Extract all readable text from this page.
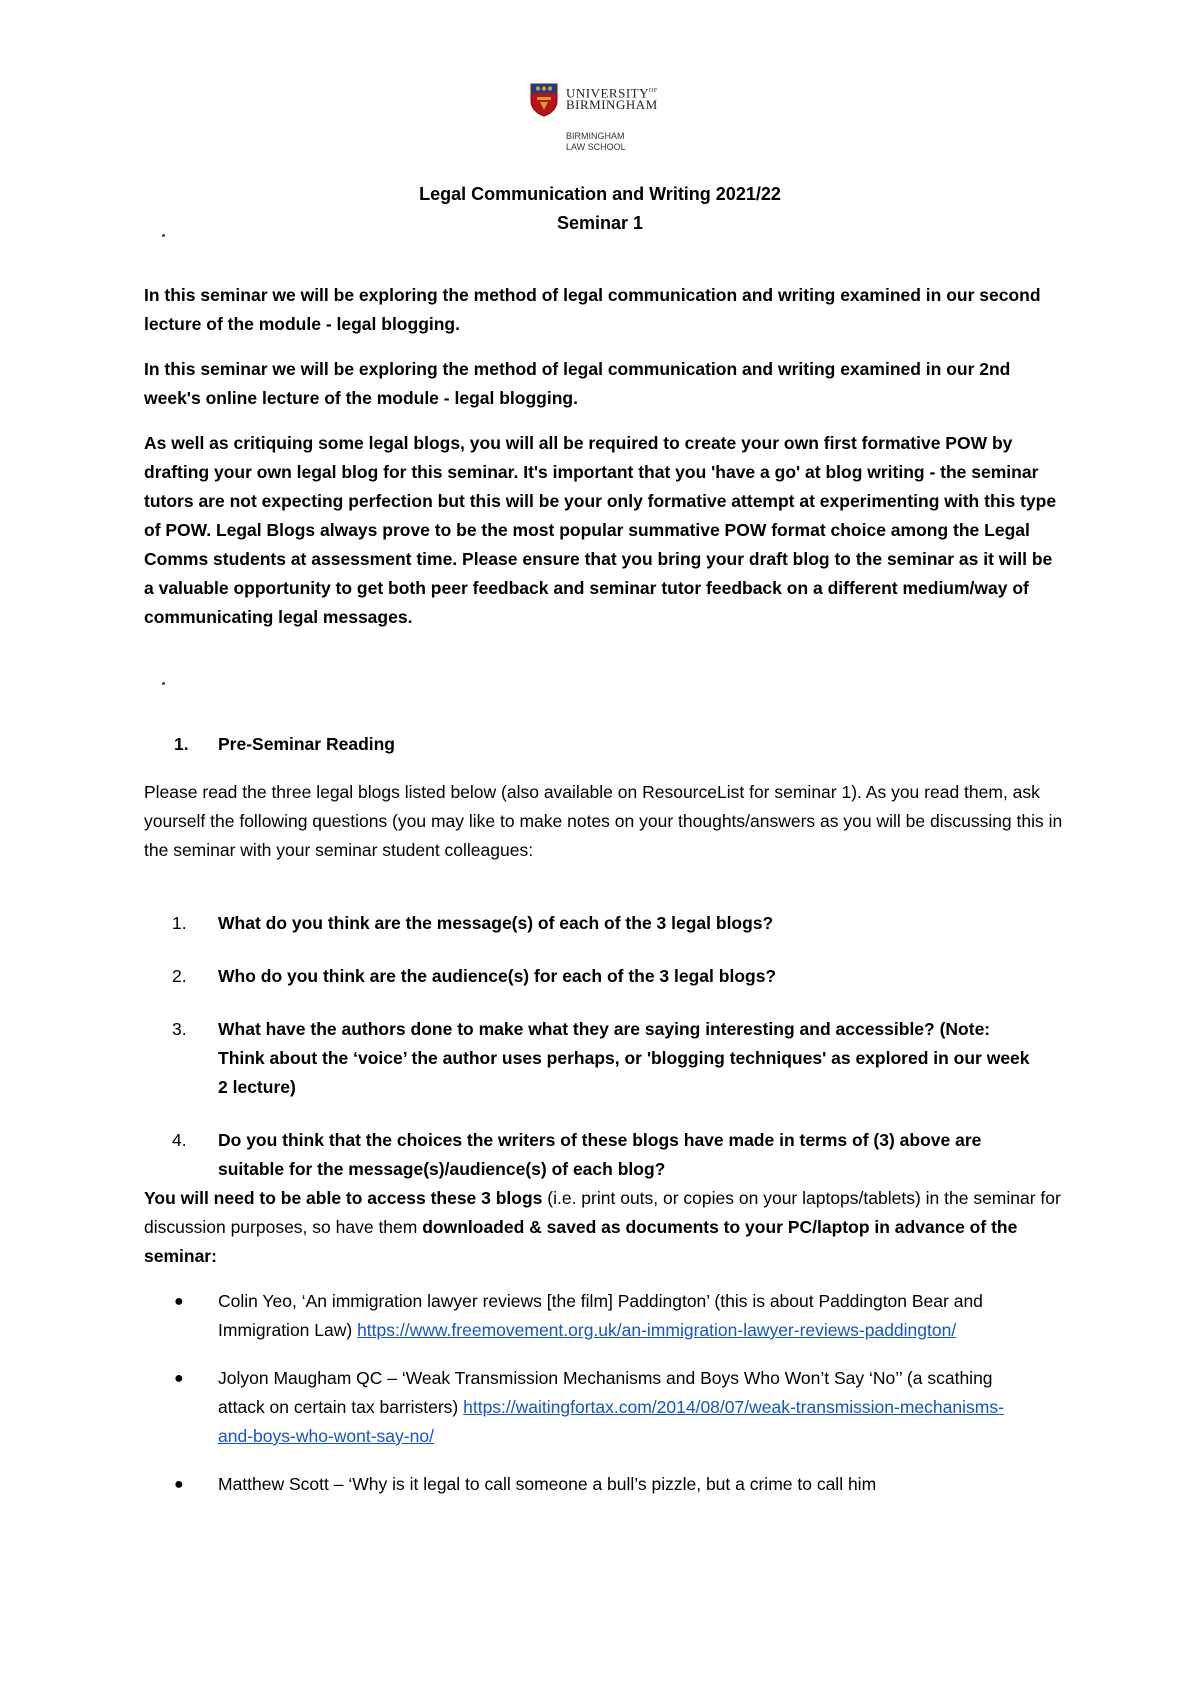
$UNIVERSITY^{OF}$
BIRMINGHAM
BIRMINGHAM
LAW SCHOOL
Legal Communication and Writing 2021/22
Seminar 1
In this seminar we will be exploring the method of legal communication and writing examined in our second lecture of the module - legal blogging.
In this seminar we will be exploring the method of legal communication and writing examined in our 2nd week's online lecture of the module - legal blogging.
As well as critiquing some legal blogs, you will all be required to create your own first formative POW by drafting your own legal blog for this seminar. It's important that you 'have a go' at blog writing - the seminar tutors are not expecting perfection but this will be your only formative attempt at experimenting with this type of POW. Legal Blogs always prove to be the most popular summative POW format choice among the Legal Comms students at assessment time. Please ensure that you bring your draft blog to the seminar as it will be a valuable opportunity to get both peer feedback and seminar tutor feedback on a different medium/way of communicating legal messages.
1. Pre-Seminar Reading
Please read the three legal blogs listed below (also available on ResourceList for seminar 1). As you read them, ask yourself the following questions (you may like to make notes on your thoughts/answers as you will be discussing this in the seminar with your seminar student colleagues:
1. What do you think are the message(s) of each of the 3 legal blogs?
2. Who do you think are the audience(s) for each of the 3 legal blogs?
3. What have the authors done to make what they are saying interesting and accessible? (Note: Think about the ‘voice’ the author uses perhaps, or 'blogging techniques' as explored in our week 2 lecture)
4. Do you think that the choices the writers of these blogs have made in terms of (3) above are suitable for the message(s)/audience(s) of each blog?
You will need to be able to access these 3 blogs (i.e. print outs, or copies on your laptops/tablets) in the seminar for discussion purposes, so have them downloaded & saved as documents to your PC/laptop in advance of the seminar:
● Colin Yeo, ‘An immigration lawyer reviews [the film] Paddington’ (this is about Paddington Bear and Immigration Law) https://www.freemovement.org.uk/an-immigration-lawyer-reviews-paddington/
● Jolyon Maugham QC – ‘Weak Transmission Mechanisms and Boys Who Won’t Say ‘No’’ (a scathing attack on certain tax barristers) https://waitingfortax.com/2014/08/07/weak-transmission-mechanisms-and-boys-who-wont-say-no/
● Matthew Scott – ‘Why is it legal to call someone a bull’s pizzle, but a crime to call him
